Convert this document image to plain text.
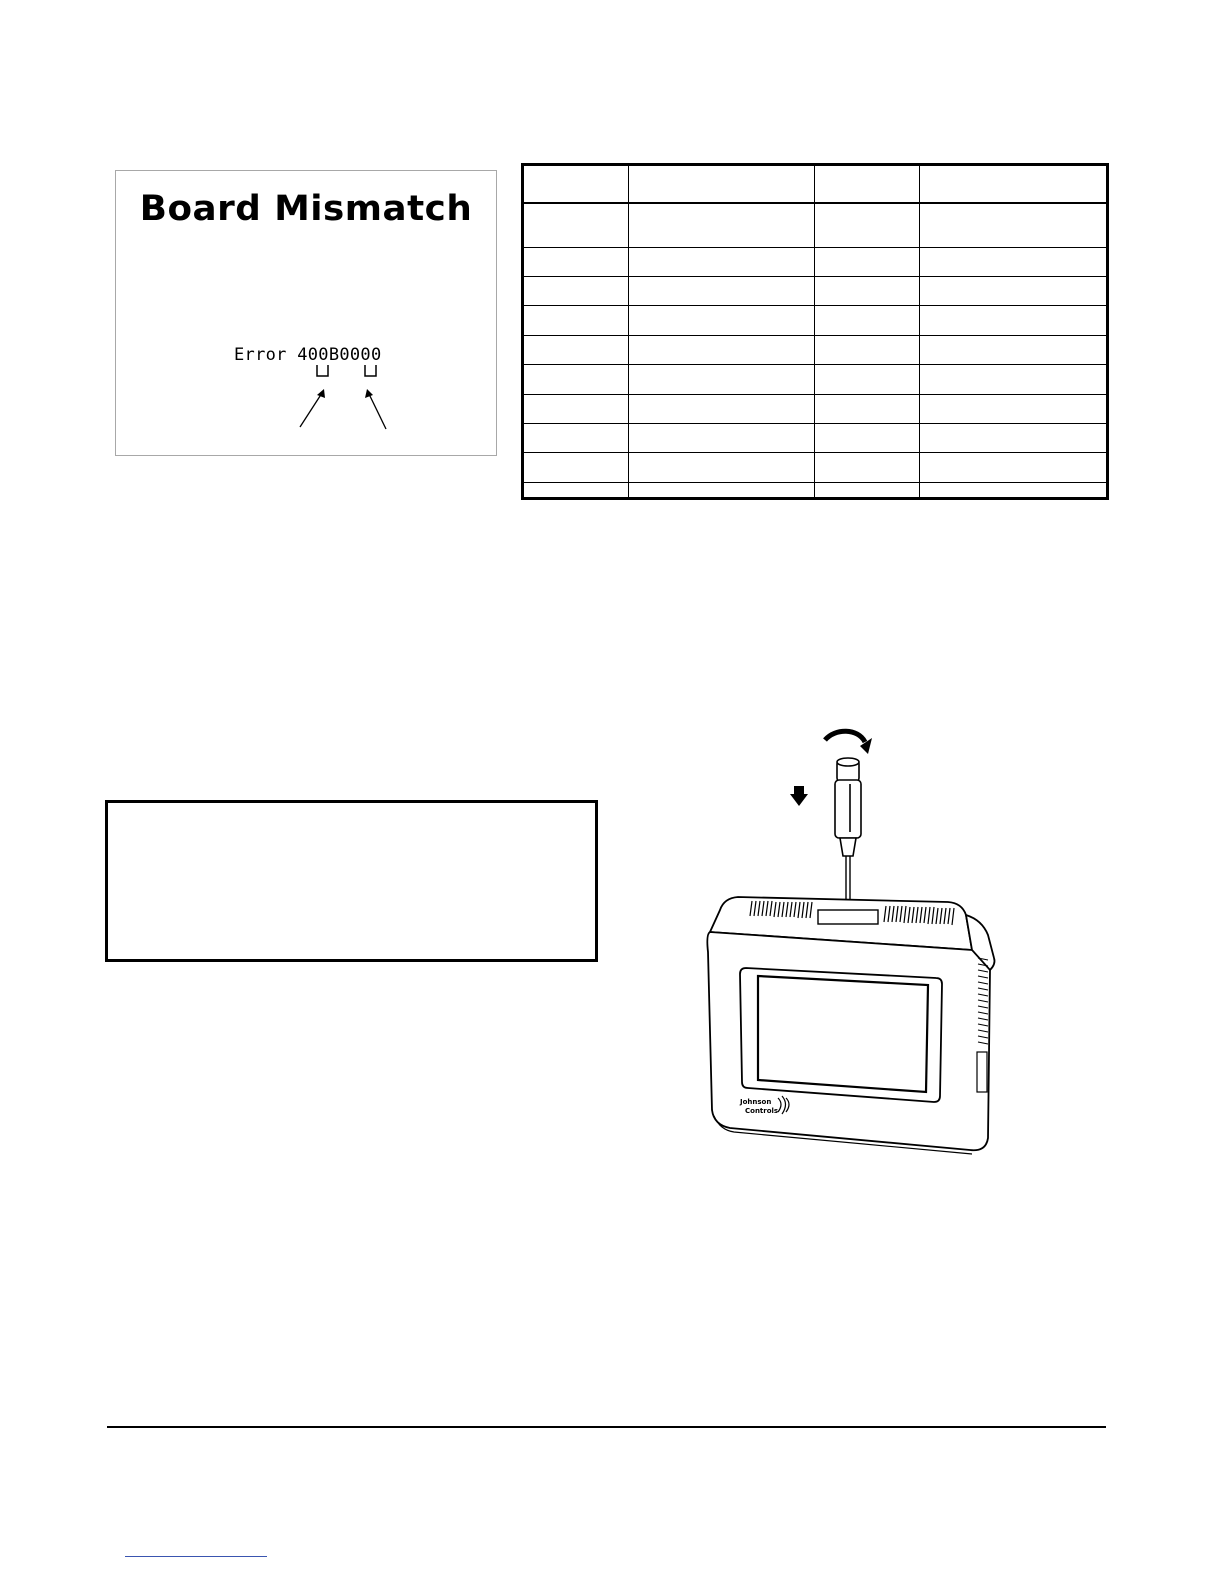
Board Mismatch
Error 400B0000

Johnson
Controls
